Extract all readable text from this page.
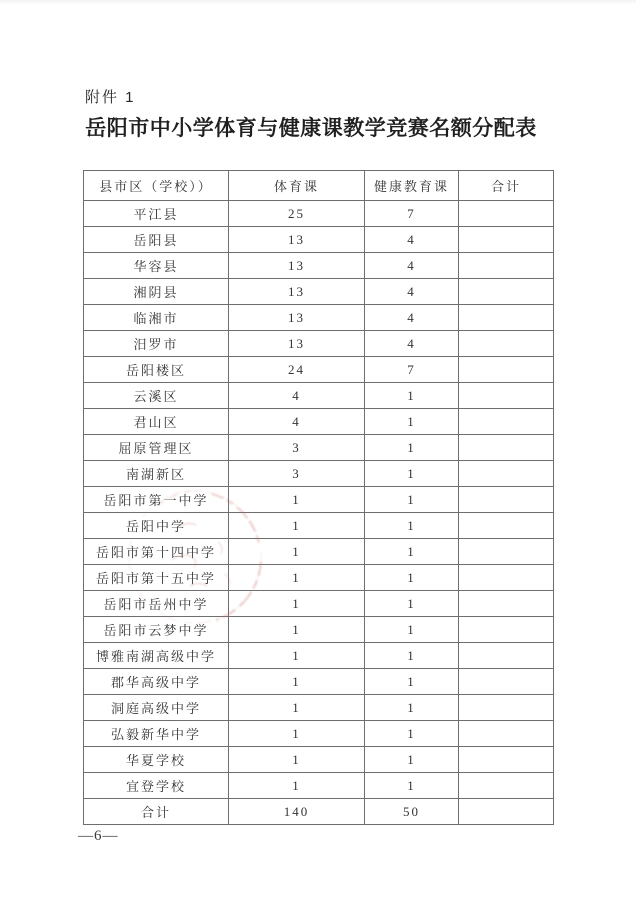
附件 1
岳阳市中小学体育与健康课教学竞赛名额分配表
县市区（学校））	体育课	健康教育课	合计
平江县	25	7	
岳阳县	13	4	
华容县	13	4	
湘阴县	13	4	
临湘市	13	4	
汨罗市	13	4	
岳阳楼区	24	7	
云溪区	4	1	
君山区	4	1	
屈原管理区	3	1	
南湖新区	3	1	
岳阳市第一中学	1	1	
岳阳中学	1	1	
岳阳市第十四中学	1	1	
岳阳市第十五中学	1	1	
岳阳市岳州中学	1	1	
岳阳市云梦中学	1	1	
博雅南湖高级中学	1	1	
郡华高级中学	1	1	
洞庭高级中学	1	1	
弘毅新华中学	1	1	
华夏学校	1	1	
宜登学校	1	1	
合计	140	50	
—6—
